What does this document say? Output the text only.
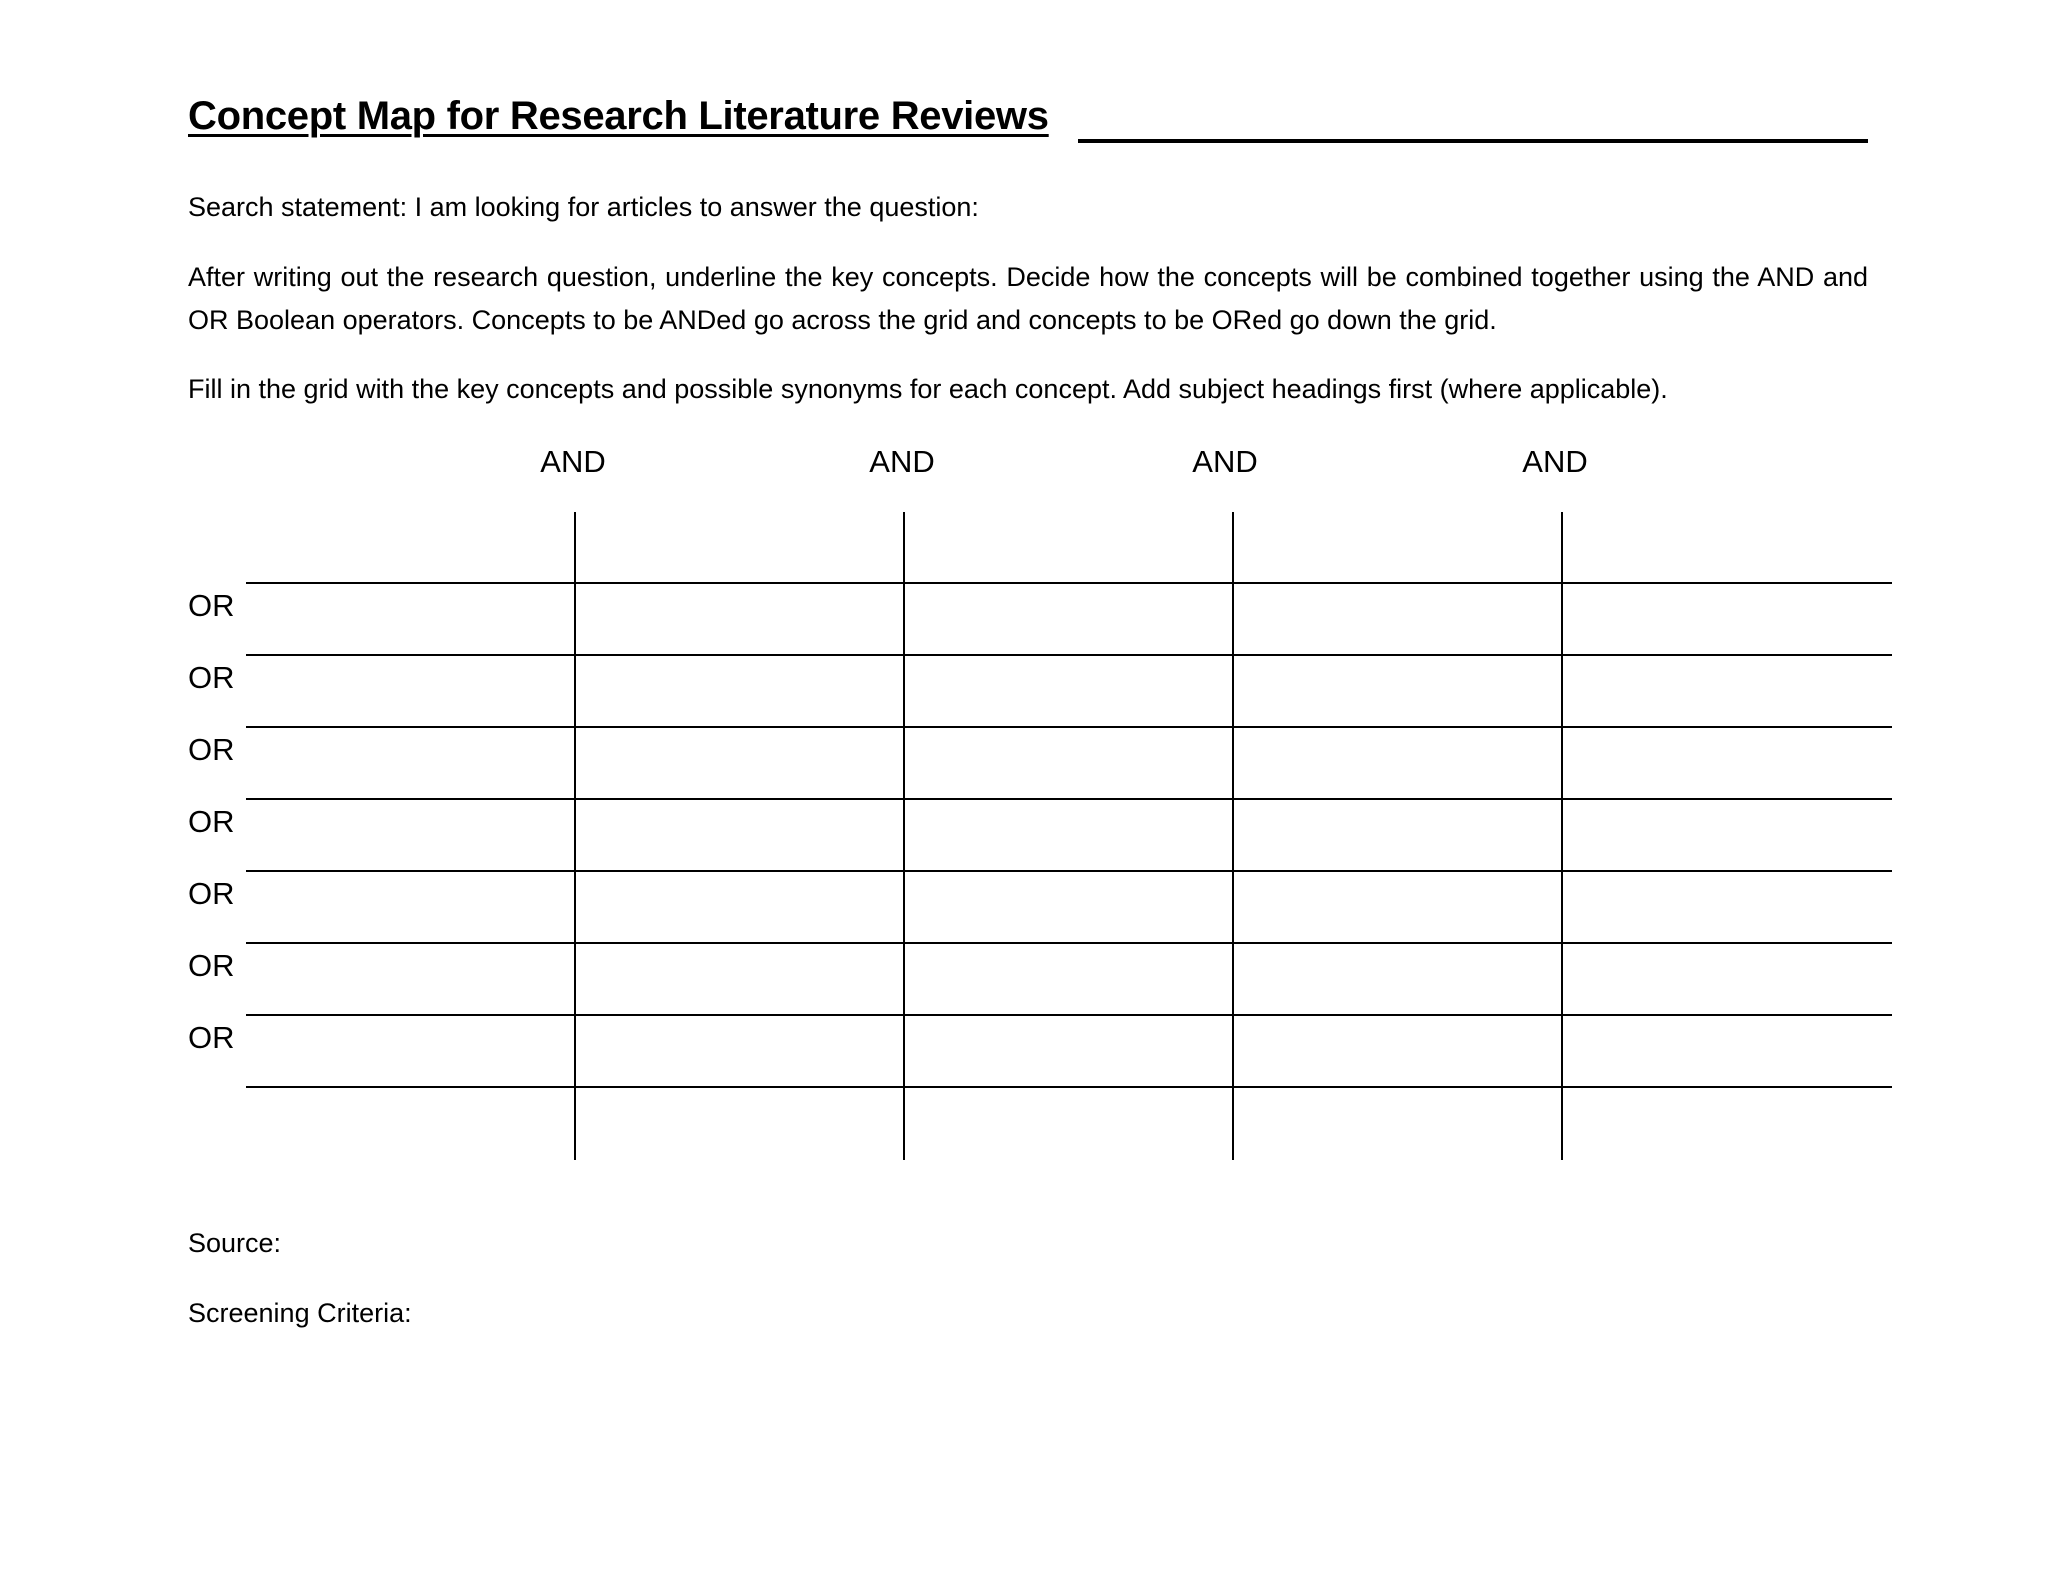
Concept Map for Research Literature Reviews
Search statement: I am looking for articles to answer the question:
After writing out the research question, underline the key concepts. Decide how the concepts will be combined together using the AND and OR Boolean operators. Concepts to be ANDed go across the grid and concepts to be ORed go down the grid.
Fill in the grid with the key concepts and possible synonyms for each concept. Add subject headings first (where applicable).
AND	AND	AND	AND
OR
OR
OR
OR
OR
OR
OR
Source:
Screening Criteria:
